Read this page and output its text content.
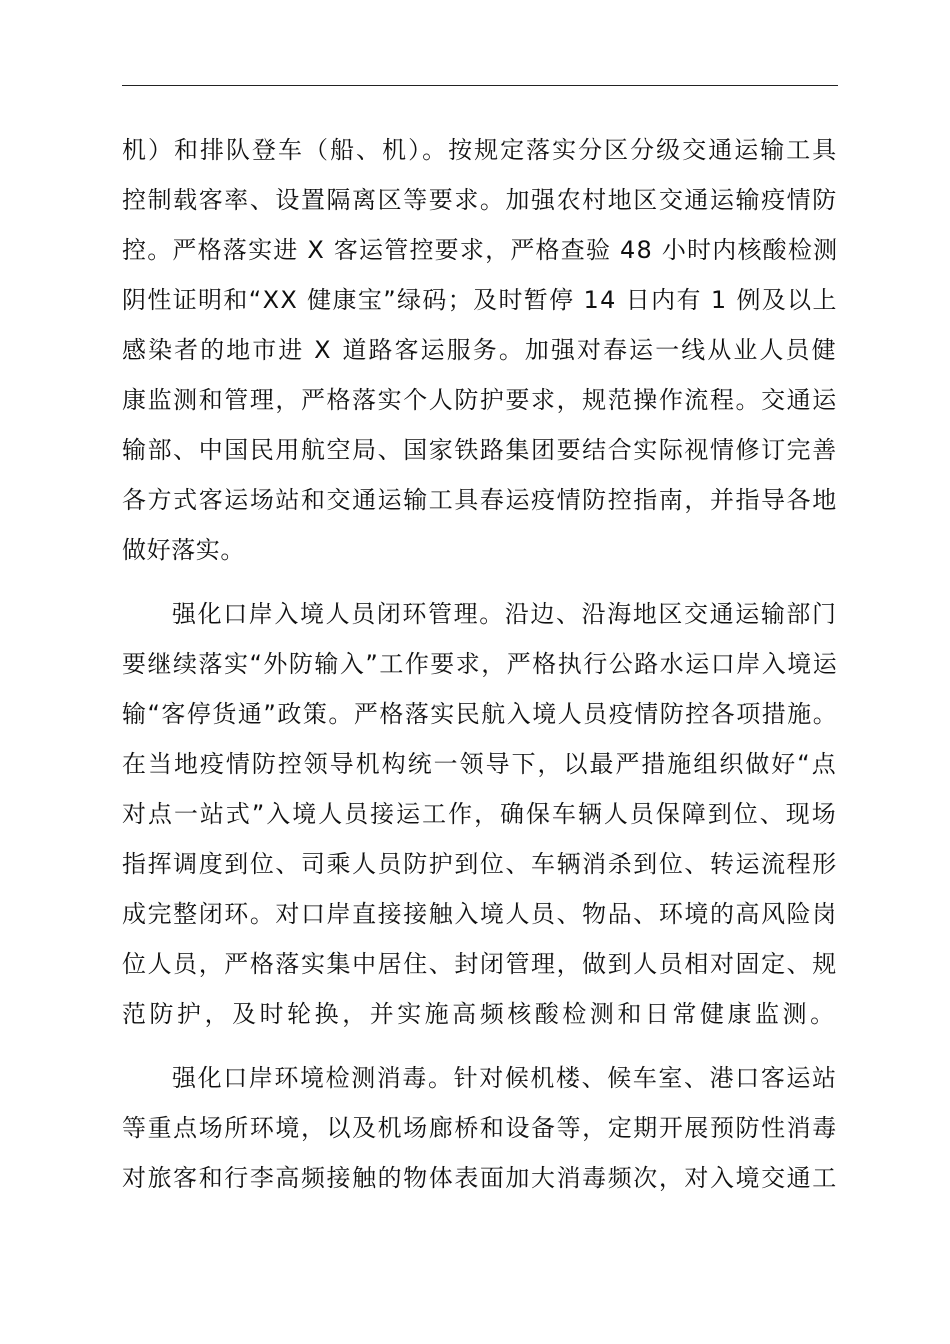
机）和排队登车（船、机）。按规定落实分区分级交通运输工具
控制载客率、设置隔离区等要求。加强农村地区交通运输疫情防
控。严格落实进 X 客运管控要求，严格查验 48 小时内核酸检测
阴性证明和“XX 健康宝”绿码；及时暂停 14 日内有 1 例及以上
感染者的地市进 X 道路客运服务。加强对春运一线从业人员健
康监测和管理，严格落实个人防护要求，规范操作流程。交通运
输部、中国民用航空局、国家铁路集团要结合实际视情修订完善
各方式客运场站和交通运输工具春运疫情防控指南，并指导各地
做好落实。
强化口岸入境人员闭环管理。沿边、沿海地区交通运输部门
要继续落实“外防输入”工作要求，严格执行公路水运口岸入境运
输“客停货通”政策。严格落实民航入境人员疫情防控各项措施。
在当地疫情防控领导机构统一领导下，以最严措施组织做好“点
对点一站式”入境人员接运工作，确保车辆人员保障到位、现场
指挥调度到位、司乘人员防护到位、车辆消杀到位、转运流程形
成完整闭环。对口岸直接接触入境人员、物品、环境的高风险岗
位人员，严格落实集中居住、封闭管理，做到人员相对固定、规
范防护，及时轮换，并实施高频核酸检测和日常健康监测。
强化口岸环境检测消毒。针对候机楼、候车室、港口客运站
等重点场所环境，以及机场廊桥和设备等，定期开展预防性消毒
对旅客和行李高频接触的物体表面加大消毒频次，对入境交通工
